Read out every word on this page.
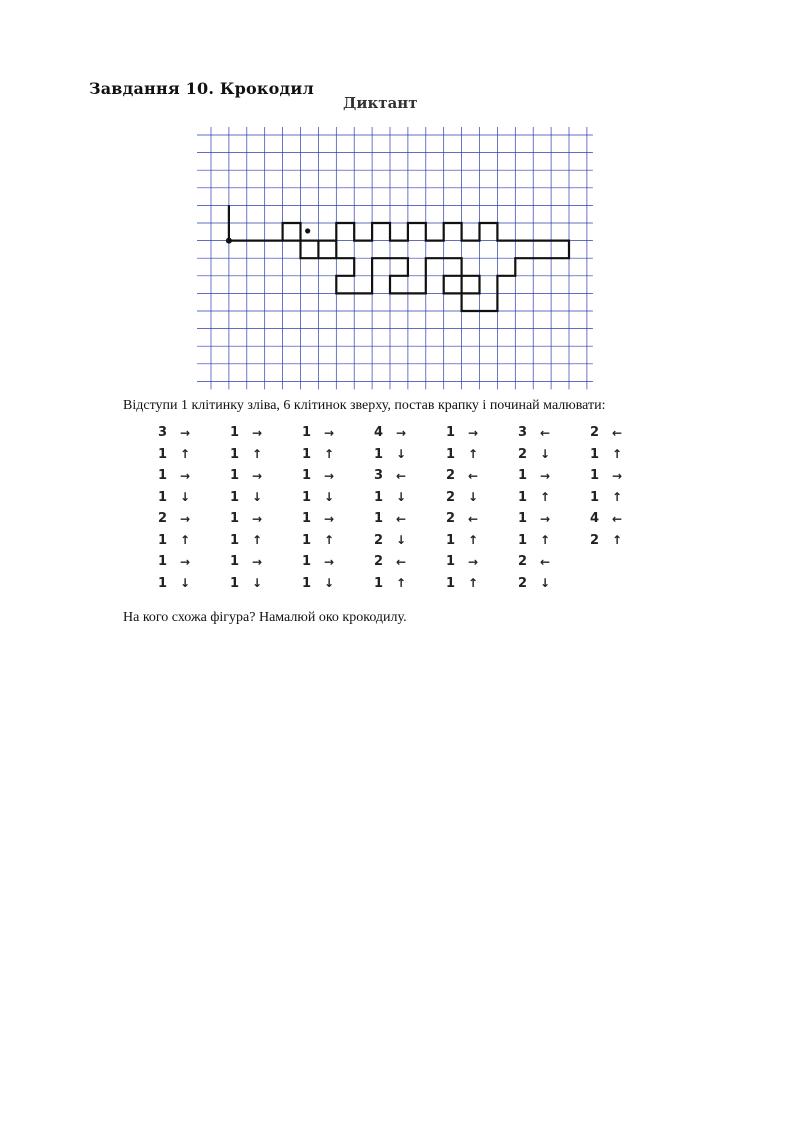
Завдання 10. Крокодил
Диктант
Відступи 1 клітинку зліва, 6 клітинок зверху, постав крапку і починай малювати:
3 →
1 ↑
1 →
1 ↓
2 →
1 ↑
1 →
1 ↓
1 →
1 ↑
1 →
1 ↓
1 →
1 ↑
1 →
1 ↓
1 →
1 ↑
1 →
1 ↓
1 →
1 ↑
1 →
1 ↓
4 →
1 ↓
3 ←
1 ↓
1 ←
2 ↓
2 ←
1 ↑
1 →
1 ↑
2 ←
2 ↓
2 ←
1 ↑
1 →
1 ↑
3 ←
2 ↓
1 →
1 ↑
1 →
1 ↑
2 ←
2 ↓
2 ←
1 ↑
1 →
1 ↑
4 ←
2 ↑
На кого схожа фігура? Намалюй око крокодилу.
